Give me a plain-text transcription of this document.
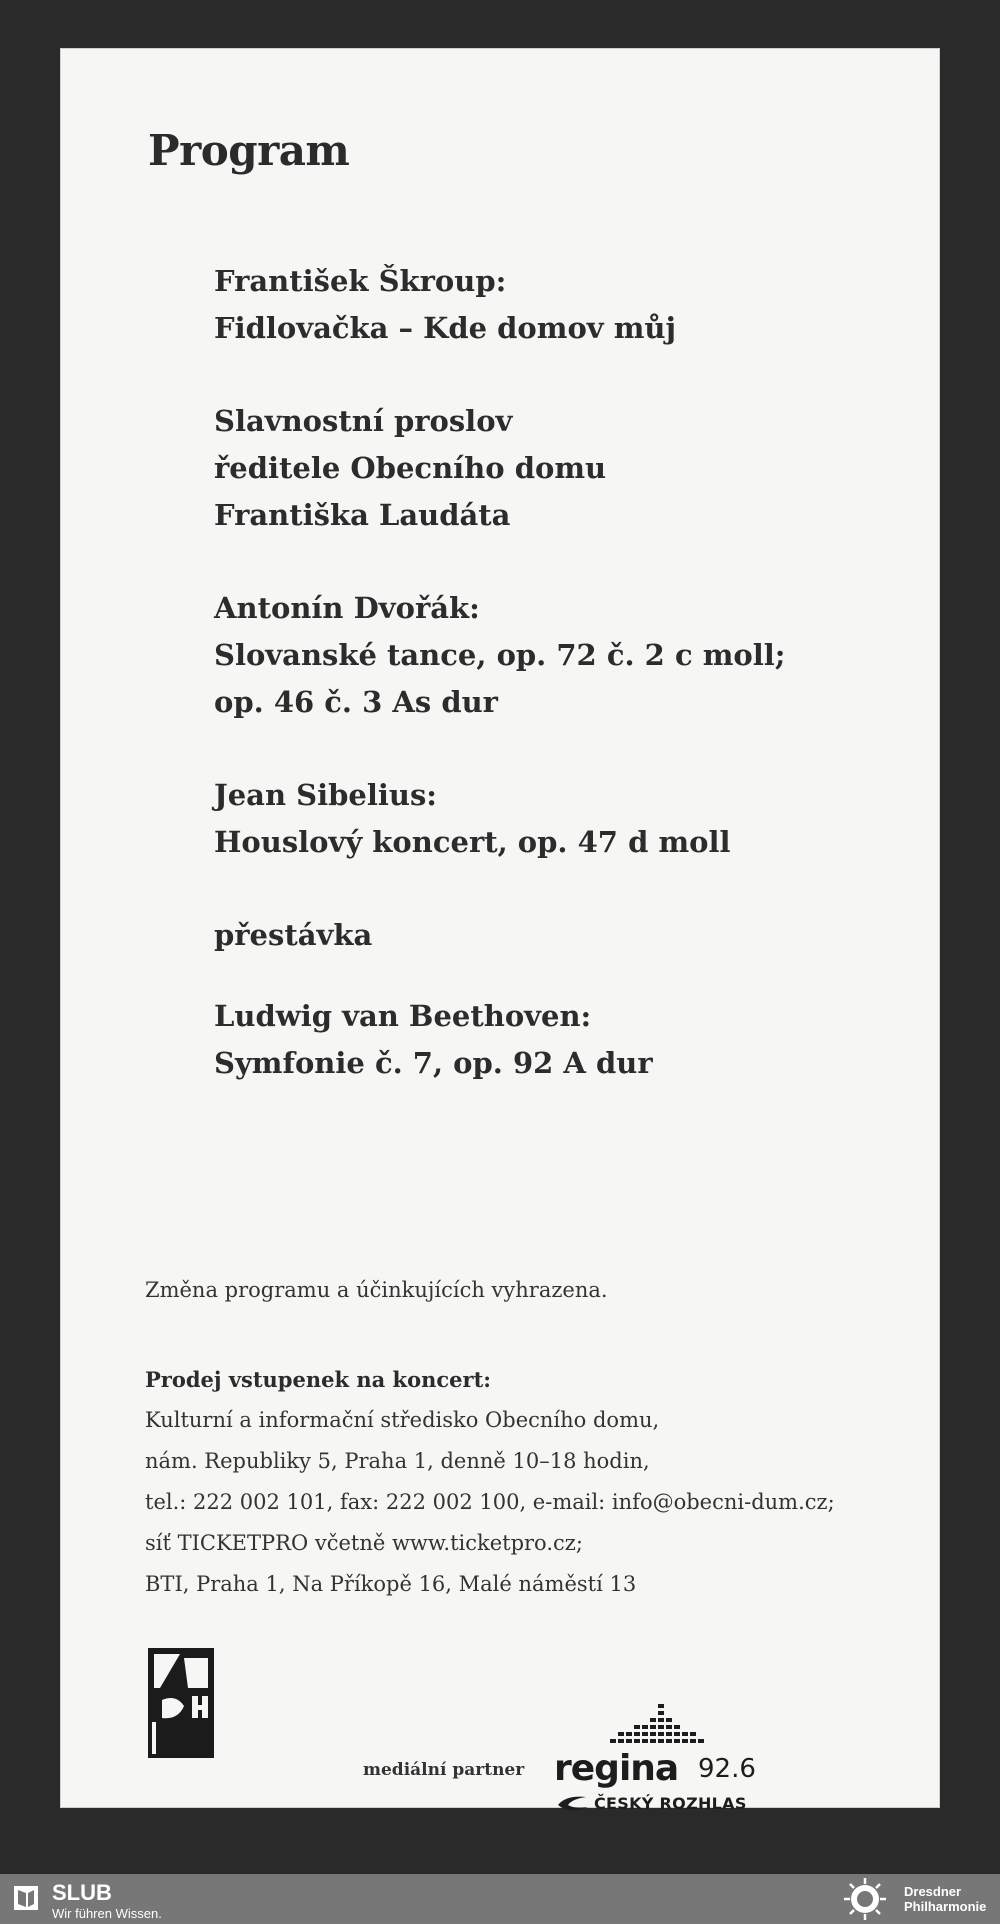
Program
František Škroup:
Fidlovačka – Kde domov můj
Slavnostní proslov
ředitele Obecního domu
Františka Laudáta
Antonín Dvořák:
Slovanské tance, op. 72 č. 2 c moll;
op. 46 č. 3 As dur
Jean Sibelius:
Houslový koncert, op. 47 d moll
přestávka
Ludwig van Beethoven:
Symfonie č. 7, op. 92 A dur
Změna programu a účinkujících vyhrazena.
Prodej vstupenek na koncert:
Kulturní a informační středisko Obecního domu,
nám. Republiky 5, Praha 1, denně 10–18 hodin,
tel.: 222 002 101, fax: 222 002 100, e-mail: info@obecni-dum.cz;
síť TICKETPRO včetně www.ticketpro.cz;
BTI, Praha 1, Na Příkopě 16, Malé náměstí 13
mediální partner regina 92.6
ČESKÝ ROZHLAS
SLUB
Wir führen Wissen.
Dresdner
Philharmonie
